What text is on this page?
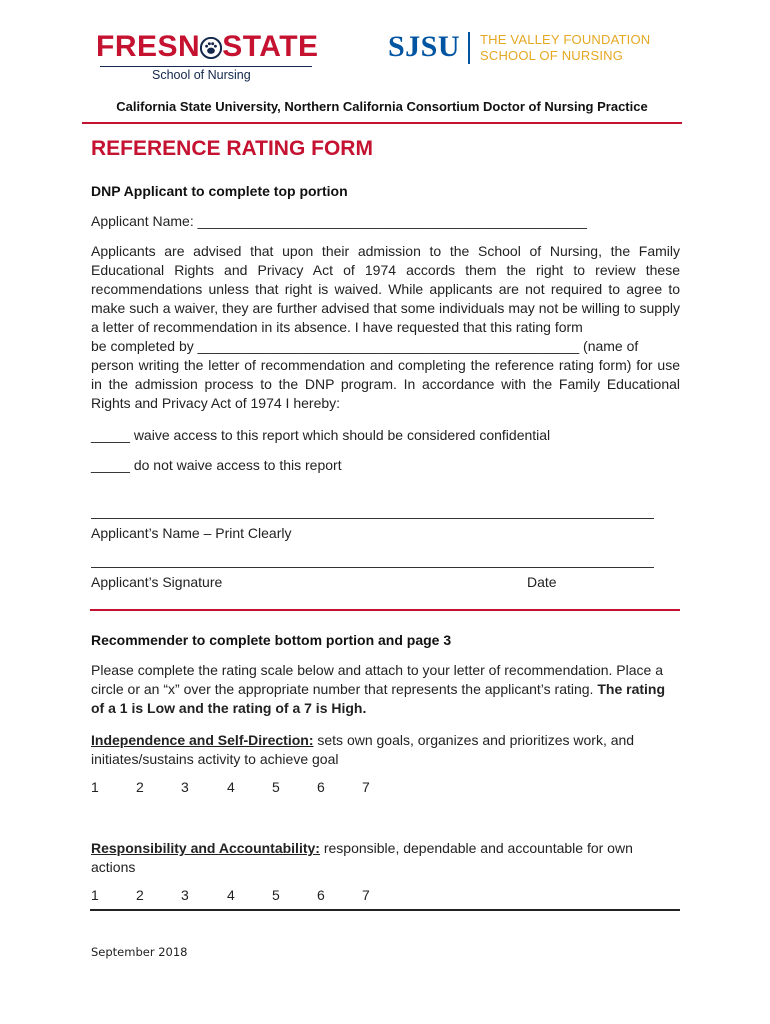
FRESN STATE
School of Nursing
SJSU THE VALLEY FOUNDATION
SCHOOL OF NURSING
California State University, Northern California Consortium Doctor of Nursing Practice
REFERENCE RATING FORM
DNP Applicant to complete top portion
Applicant Name: __________________________________________________
Applicants are advised that upon their admission to the School of Nursing, the Family Educational Rights and Privacy Act of 1974 accords them the right to review these recommendations unless that right is waived. While applicants are not required to agree to make such a waiver, they are further advised that some individuals may not be willing to supply a letter of recommendation in its absence. I have requested that this rating form
be completed by _________________________________________________ (name of
person writing the letter of recommendation and completing the reference rating form) for use in the admission process to the DNP program. In accordance with the Family Educational Rights and Privacy Act of 1974 I hereby:
_____ waive access to this report which should be considered confidential
_____ do not waive access to this report
Applicant’s Name – Print Clearly
Applicant’s Signature	Date
Recommender to complete bottom portion and page 3
Please complete the rating scale below and attach to your letter of recommendation. Place a circle or an “x” over the appropriate number that represents the applicant’s rating. The rating of a 1 is Low and the rating of a 7 is High.
Independence and Self-Direction: sets own goals, organizes and prioritizes work, and initiates/sustains activity to achieve goal
1	2	3	4	5	6	7
Responsibility and Accountability: responsible, dependable and accountable for own actions
1	2	3	4	5	6	7
September 2018
